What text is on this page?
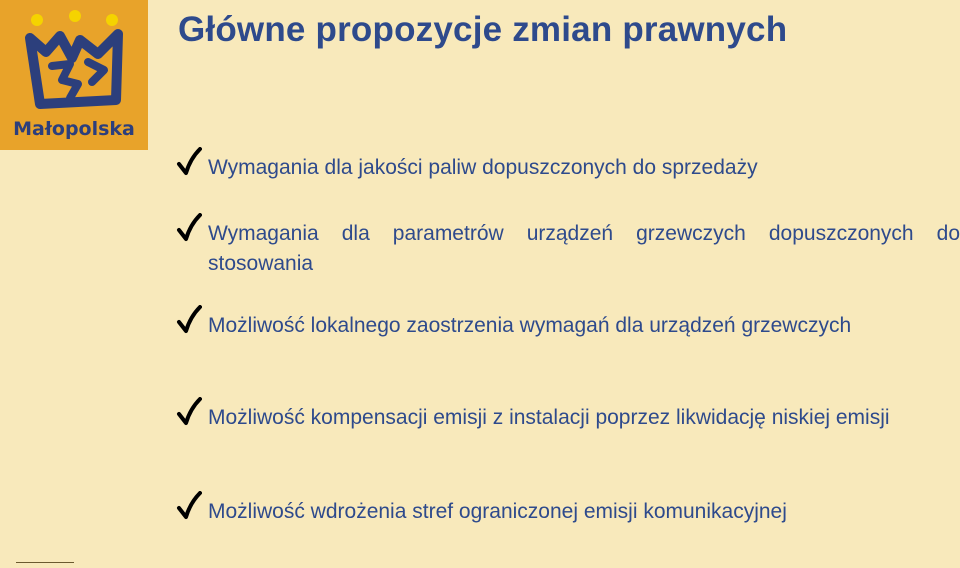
Małopolska
Główne propozycje zmian prawnych

Wymagania dla jakości paliw dopuszczonych do sprzedaży

Wymagania dla parametrów urządzeń grzewczych dopuszczonych do stosowania

Możliwość lokalnego zaostrzenia wymagań dla urządzeń grzewczych

Możliwość kompensacji emisji z instalacji poprzez likwidację niskiej emisji

Możliwość wdrożenia stref ograniczonej emisji komunikacyjnej
